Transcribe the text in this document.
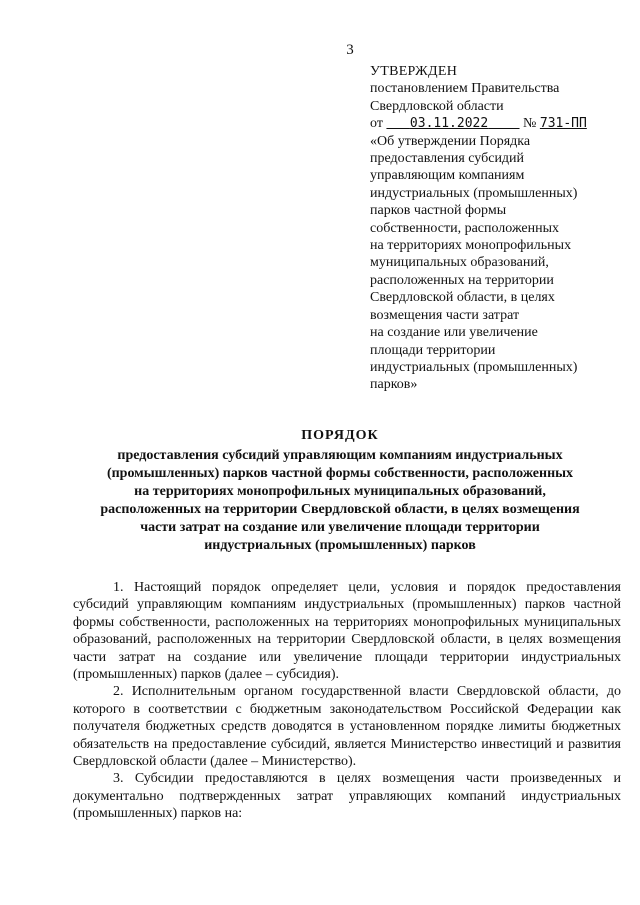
3
УТВЕРЖДЕН
постановлением Правительства
Свердловской области
от 03.11.2022 № 731-ПП
«Об утверждении Порядка
предоставления субсидий
управляющим компаниям
индустриальных (промышленных)
парков частной формы
собственности, расположенных
на территориях монопрофильных
муниципальных образований,
расположенных на территории
Свердловской области, в целях
возмещения части затрат
на создание или увеличение
площади территории
индустриальных (промышленных)
парков»
ПОРЯДОК
предоставления субсидий управляющим компаниям индустриальных
(промышленных) парков частной формы собственности, расположенных
на территориях монопрофильных муниципальных образований,
расположенных на территории Свердловской области, в целях возмещения
части затрат на создание или увеличение площади территории
индустриальных (промышленных) парков

1. Настоящий порядок определяет цели, условия и порядок предоставления субсидий управляющим компаниям индустриальных (промышленных) парков частной формы собственности, расположенных на территориях монопрофильных муниципальных образований, расположенных на территории Свердловской области, в целях возмещения части затрат на создание или увеличение площади территории индустриальных (промышленных) парков (далее – субсидия).

2. Исполнительным органом государственной власти Свердловской области, до которого в соответствии с бюджетным законодательством Российской Федерации как получателя бюджетных средств доводятся в установленном порядке лимиты бюджетных обязательств на предоставление субсидий, является Министерство инвестиций и развития Свердловской области (далее – Министерство).

3. Субсидии предоставляются в целях возмещения части произведенных и документально подтвержденных затрат управляющих компаний индустриальных (промышленных) парков на:
